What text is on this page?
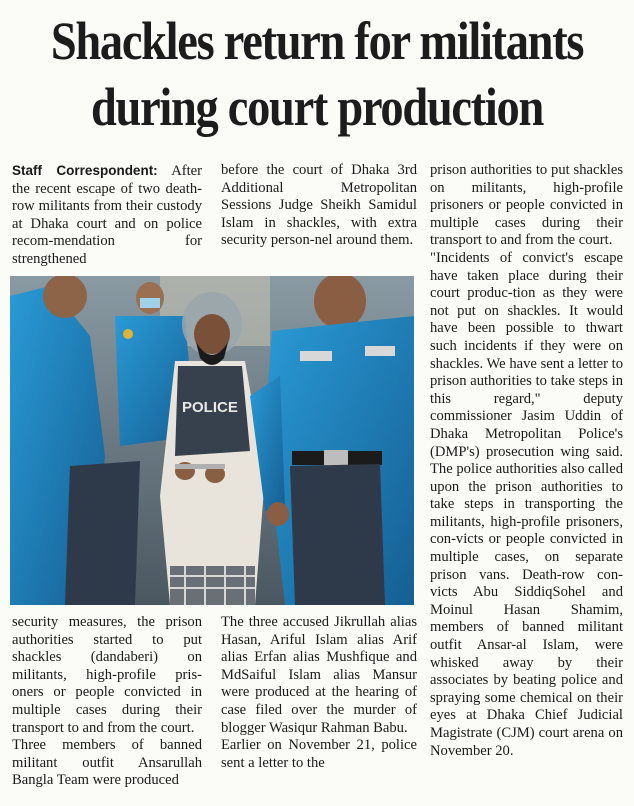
Shackles return for militants
during court production

Staff Correspondent: After the recent escape of two death-row militants from their custody at Dhaka court and on police recom-mendation for strengthened

before the court of Dhaka 3rd Additional Metropolitan Sessions Judge Sheikh Samidul Islam in shackles, with extra security person-nel around them.

prison authorities to put shackles on militants, high-profile prisoners or people convicted in multiple cases during their transport to and from the court.

"Incidents of convict's escape have taken place during their court produc-tion as they were not put on shackles. It would have been possible to thwart such incidents if they were on shackles. We have sent a letter to prison authorities to take steps in this regard," deputy commissioner Jasim Uddin of Dhaka Metropolitan Police's (DMP's) prosecution wing said. The police authorities also called upon the prison authorities to take steps in transporting the militants, high-profile prisoners, con-victs or people convicted in multiple cases, on separate prison vans. Death-row con-victs Abu SiddiqSohel and Moinul Hasan Shamim, members of banned militant outfit Ansar-al Islam, were whisked away by their associates by beating police and spraying some chemical on their eyes at Dhaka Chief Judicial Magistrate (CJM) court arena on November 20.

POLICE

security measures, the prison authorities started to put shackles (dandaberi) on militants, high-profile pris-oners or people convicted in multiple cases during their transport to and from the court.

Three members of banned militant outfit Ansarullah Bangla Team were produced

The three accused Jikrullah alias Hasan, Ariful Islam alias Arif alias Erfan alias Mushfique and MdSaiful Islam alias Mansur were produced at the hearing of case filed over the murder of blogger Wasiqur Rahman Babu.

Earlier on November 21, police sent a letter to the
